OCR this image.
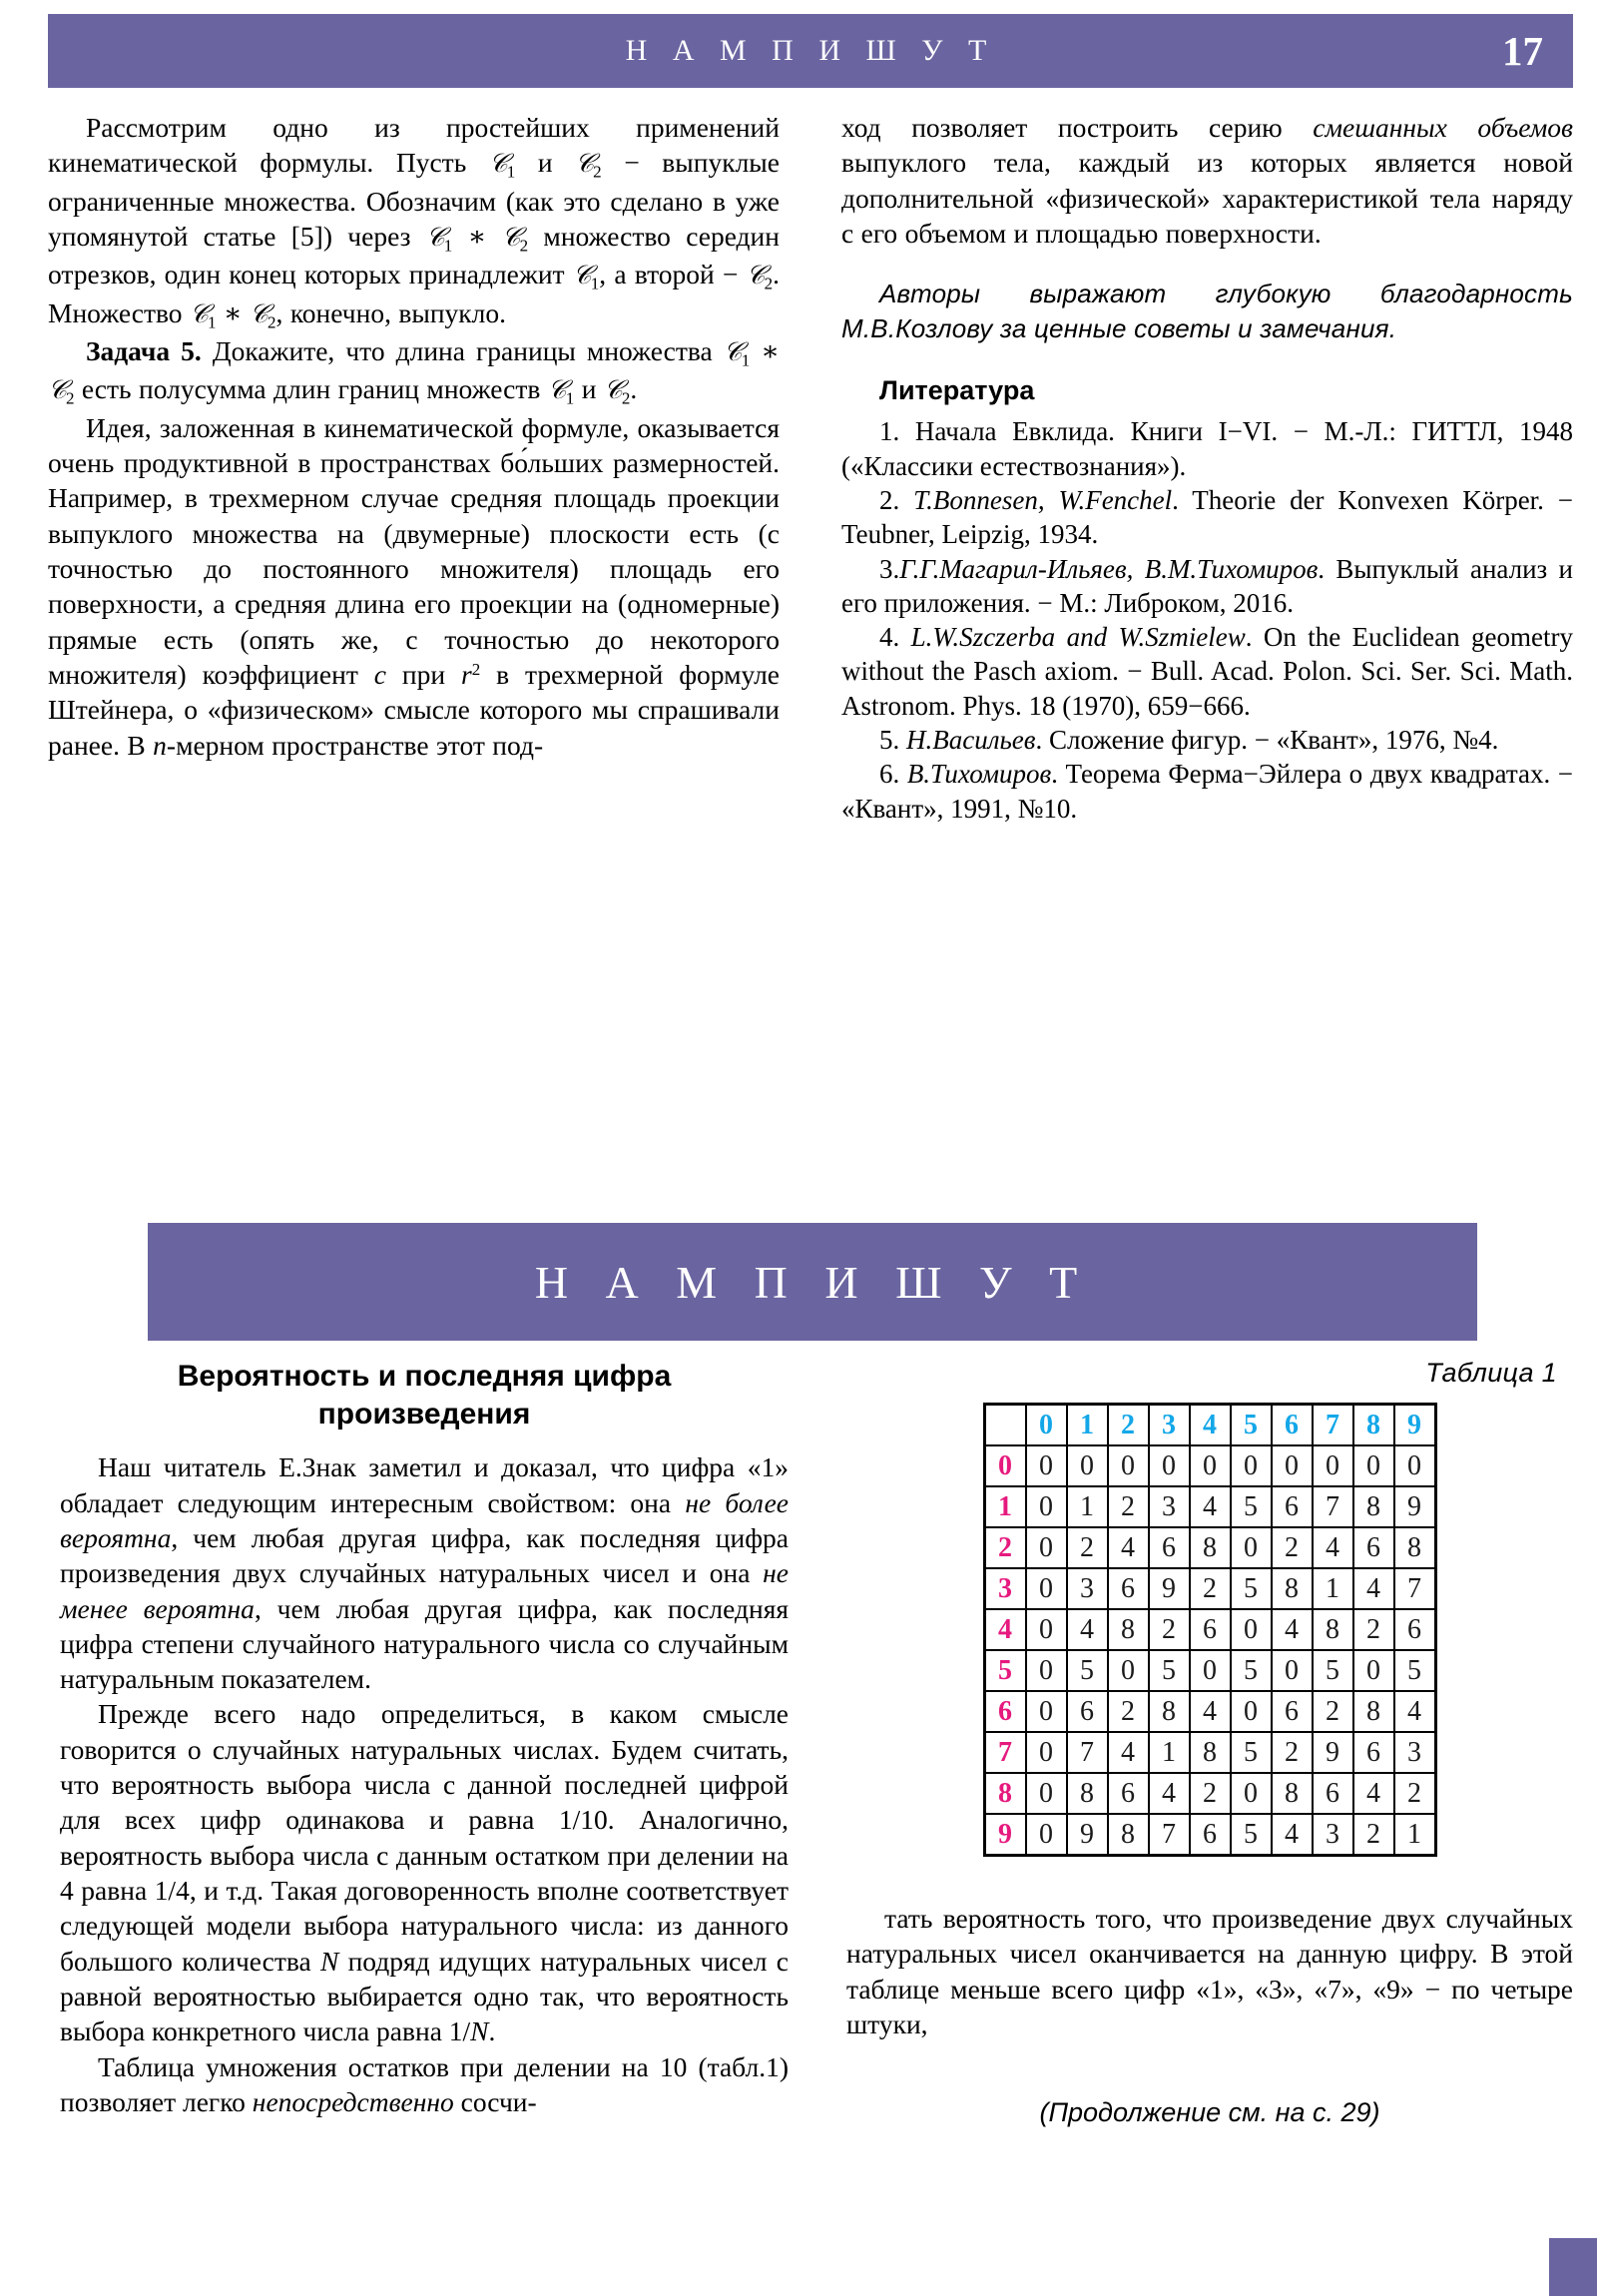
Н А М П И Ш У Т	17

Рассмотрим одно из простейших применений кинематической формулы. Пусть 𝒞$_1$ и 𝒞$_2$ − выпуклые ограниченные множества. Обозначим (как это сделано в уже упомянутой статье [5]) через 𝒞$_1$ ∗ 𝒞$_2$ множество середин отрезков, один конец которых принадлежит 𝒞$_1$, а второй − 𝒞$_2$. Множество 𝒞$_1$ ∗ 𝒞$_2$, конечно, выпукло.

Задача 5. Докажите, что длина границы множества 𝒞$_1$ ∗ 𝒞$_2$ есть полусумма длин границ множеств 𝒞$_1$ и 𝒞$_2$.

Идея, заложенная в кинематической формуле, оказывается очень продуктивной в пространствах бо́льших размерностей. Например, в трехмерном случае средняя площадь проекции выпуклого множества на (двумерные) плоскости есть (с точностью до постоянного множителя) площадь его поверхности, а средняя длина его проекции на (одномерные) прямые есть (опять же, с точностью до некоторого множителя) коэффициент c при $r^2$ в трехмерной формуле Штейнера, о «физическом» смысле которого мы спрашивали ранее. В n-мерном пространстве этот под-

ход позволяет построить серию смешанных объемов выпуклого тела, каждый из которых является новой дополнительной «физической» характеристикой тела наряду с его объемом и площадью поверхности.

Авторы выражают глубокую благодарность М.В.Козлову за ценные советы и замечания.

Литература

1. Начала Евклида. Книги I−VI. − М.-Л.: ГИТТЛ, 1948 («Классики естествознания»).

2. T.Bonnesen, W.Fenchel. Theorie der Konvexen Körper. − Teubner, Leipzig, 1934.

3.Г.Г.Магарил-Ильяев, В.М.Тихомиров. Выпуклый анализ и его приложения. − М.: Либроком, 2016.

4. L.W.Szczerba and W.Szmielew. On the Euclidean geometry without the Pasch axiom. − Bull. Acad. Polon. Sci. Ser. Sci. Math. Astronom. Phys. 18 (1970), 659−666.

5. Н.Васильев. Сложение фигур. − «Квант», 1976, №4.

6. В.Тихомиров. Теорема Ферма−Эйлера о двух квадратах. − «Квант», 1991, №10.

Н А М П И Ш У Т
Вероятность и последняя цифра
произведения

Наш читатель Е.Знак заметил и доказал, что цифра «1» обладает следующим интересным свойством: она не более вероятна, чем любая другая цифра, как последняя цифра произведения двух случайных натуральных чисел и она не менее вероятна, чем любая другая цифра, как последняя цифра степени случайного натурального числа со случайным натуральным показателем.

Прежде всего надо определиться, в каком смысле говорится о случайных натуральных числах. Будем считать, что вероятность выбора числа с данной последней цифрой для всех цифр одинакова и равна 1/10. Аналогично, вероятность выбора числа с данным остатком при делении на 4 равна 1/4, и т.д. Такая договоренность вполне соответствует следующей модели выбора натурального числа: из данного большого количества N подряд идущих натуральных чисел с равной вероятностью выбирается одно так, что вероятность выбора конкретного числа равна 1/N.

Таблица умножения остатков при делении на 10 (табл.1) позволяет легко непосредственно сосчи-

Таблица 1
	0	1	2	3	4	5	6	7	8	9
0	0	0	0	0	0	0	0	0	0	0
1	0	1	2	3	4	5	6	7	8	9
2	0	2	4	6	8	0	2	4	6	8
3	0	3	6	9	2	5	8	1	4	7
4	0	4	8	2	6	0	4	8	2	6
5	0	5	0	5	0	5	0	5	0	5
6	0	6	2	8	4	0	6	2	8	4
7	0	7	4	1	8	5	2	9	6	3
8	0	8	6	4	2	0	8	6	4	2
9	0	9	8	7	6	5	4	3	2	1

тать вероятность того, что произведение двух случайных натуральных чисел оканчивается на данную цифру. В этой таблице меньше всего цифр «1», «3», «7», «9» − по четыре штуки,

(Продолжение см. на с. 29)
